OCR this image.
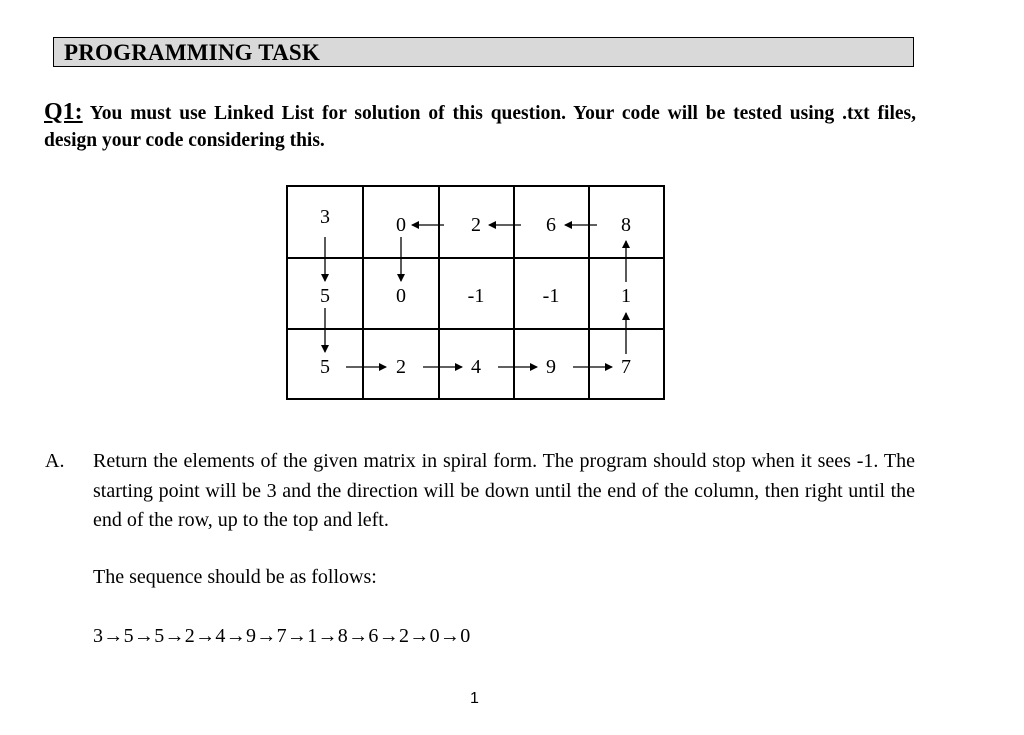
PROGRAMMING TASK
Q1: You must use Linked List for solution of this question. Your code will be tested using .txt files, design your code considering this.
3	0	2	6	8
5	0	-1	-1	1
5	2	4	9	7
A. Return the elements of the given matrix in spiral form. The program should stop when it sees -1. The starting point will be 3 and the direction will be down until the end of the column, then right until the end of the row, up to the top and left.
The sequence should be as follows:
3→5→5→2→4→9→7→1→8→6→2→0→0
1
